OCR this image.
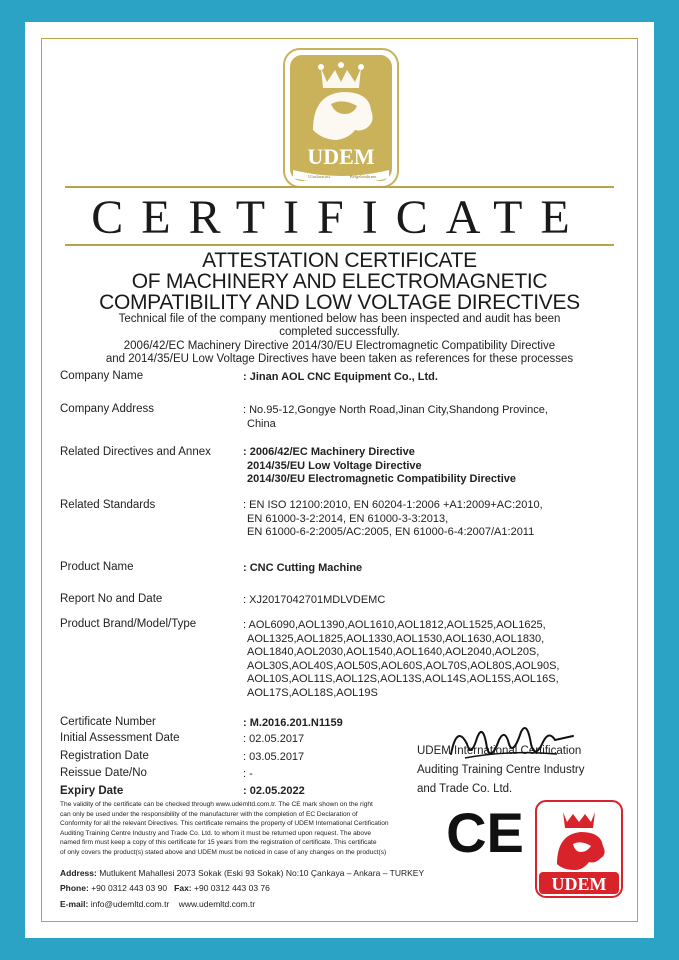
®
UDEM
Uluslararası	Belgelendirme
CERTIFICATE
ATTESTATION CERTIFICATE
OF MACHINERY AND ELECTROMAGNETIC
COMPATIBILITY AND LOW VOLTAGE DIRECTIVES
Technical file of the company mentioned below has been inspected and audit has been
completed successfully.
2006/42/EC Machinery Directive 2014/30/EU Electromagnetic Compatibility Directive
and 2014/35/EU Low Voltage Directives have been taken as references for these processes
Company Name	: Jinan AOL CNC Equipment Co., Ltd.
Company Address	: No.95-12,Gongye North Road,Jinan City,Shandong Province,
China
Related Directives and Annex	: 2006/42/EC Machinery Directive
2014/35/EU Low Voltage Directive
2014/30/EU Electromagnetic Compatibility Directive
Related Standards	: EN ISO 12100:2010, EN 60204-1:2006 +A1:2009+AC:2010,
EN 61000-3-2:2014, EN 61000-3-3:2013,
EN 61000-6-2:2005/AC:2005, EN 61000-6-4:2007/A1:2011
Product Name	: CNC Cutting Machine
Report No and Date	: XJ2017042701MDLVDEMC
Product Brand/Model/Type	: AOL6090,AOL1390,AOL1610,AOL1812,AOL1525,AOL1625,
AOL1325,AOL1825,AOL1330,AOL1530,AOL1630,AOL1830,
AOL1840,AOL2030,AOL1540,AOL1640,AOL2040,AOL20S,
AOL30S,AOL40S,AOL50S,AOL60S,AOL70S,AOL80S,AOL90S,
AOL10S,AOL11S,AOL12S,AOL13S,AOL14S,AOL15S,AOL16S,
AOL17S,AOL18S,AOL19S
Certificate Number	: M.2016.201.N1159
Initial Assessment Date	: 02.05.2017
Registration Date	: 03.05.2017
Reissue Date/No	: -
Expiry Date	: 02.05.2022
UDEM International Certification
Auditing Training Centre Industry
and Trade Co. Ltd.
The validity of the certificate can be checked through www.udemltd.com.tr. The CE mark shown on the right
can only be used under the responsibility of the manufacturer with the completion of EC Declaration of
Conformity for all the relevant Directives. This certificate remains the property of UDEM International Certification
Auditing Training Centre Industry and Trade Co. Ltd. to whom it must be returned upon request. The above
named firm must keep a copy of this certificate for 15 years from the registration of certificate. This certificate
of only covers the product(s) stated above and UDEM must be noticed in case of any changes on the product(s)
Address: Mutlukent Mahallesi 2073 Sokak (Eski 93 Sokak) No:10 Çankaya – Ankara – TURKEY
Phone: +90 0312 443 03 90 Fax: +90 0312 443 03 76
E-mail: info@udemltd.com.tr www.udemltd.com.tr
CE
UDEM
